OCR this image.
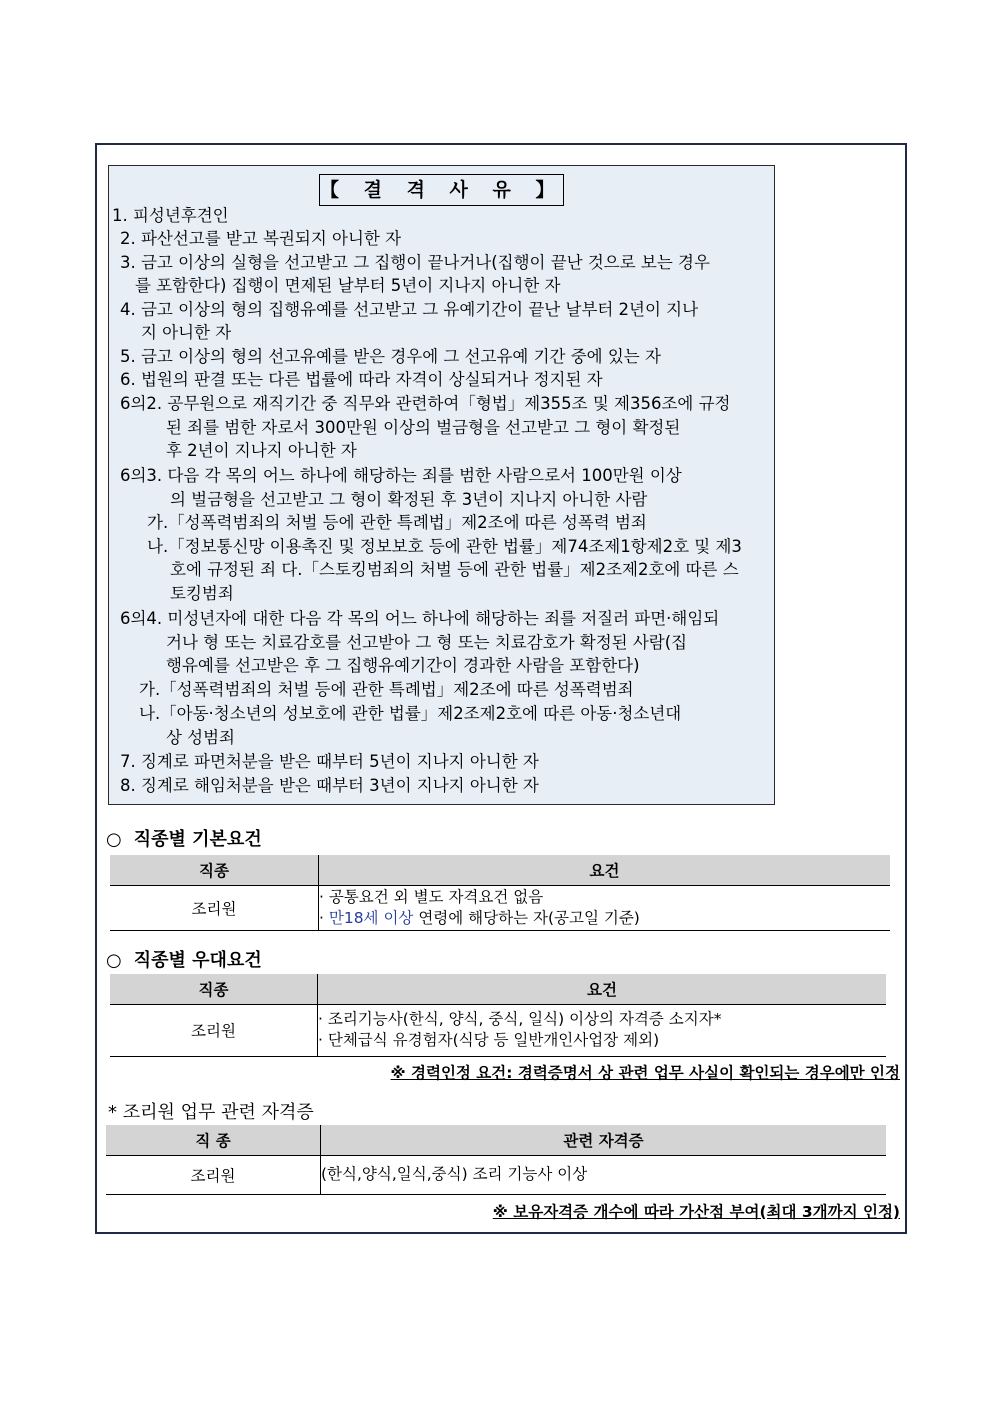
【 결 격 사 유 】
1. 피성년후견인
2. 파산선고를 받고 복권되지 아니한 자
3. 금고 이상의 실형을 선고받고 그 집행이 끝나거나(집행이 끝난 것으로 보는 경우
를 포함한다) 집행이 면제된 날부터 5년이 지나지 아니한 자
4. 금고 이상의 형의 집행유예를 선고받고 그 유예기간이 끝난 날부터 2년이 지나
지 아니한 자
5. 금고 이상의 형의 선고유예를 받은 경우에 그 선고유예 기간 중에 있는 자
6. 법원의 판결 또는 다른 법률에 따라 자격이 상실되거나 정지된 자
6의2. 공무원으로 재직기간 중 직무와 관련하여「형법」제355조 및 제356조에 규정
된 죄를 범한 자로서 300만원 이상의 벌금형을 선고받고 그 형이 확정된
후 2년이 지나지 아니한 자
6의3. 다음 각 목의 어느 하나에 해당하는 죄를 범한 사람으로서 100만원 이상
의 벌금형을 선고받고 그 형이 확정된 후 3년이 지나지 아니한 사람
가.「성폭력범죄의 처벌 등에 관한 특례법」제2조에 따른 성폭력 범죄
나.「정보통신망 이용촉진 및 정보보호 등에 관한 법률」제74조제1항제2호 및 제3
호에 규정된 죄 다.「스토킹범죄의 처벌 등에 관한 법률」제2조제2호에 따른 스
토킹범죄
6의4. 미성년자에 대한 다음 각 목의 어느 하나에 해당하는 죄를 저질러 파면·해임되
거나 형 또는 치료감호를 선고받아 그 형 또는 치료감호가 확정된 사람(집
행유예를 선고받은 후 그 집행유예기간이 경과한 사람을 포함한다)
가.「성폭력범죄의 처벌 등에 관한 특례법」제2조에 따른 성폭력범죄
나.「아동·청소년의 성보호에 관한 법률」제2조제2호에 따른 아동·청소년대
상 성범죄
7. 징계로 파면처분을 받은 때부터 5년이 지나지 아니한 자
8. 징계로 해임처분을 받은 때부터 3년이 지나지 아니한 자
○ 직종별 기본요건
직종	요건
조리원	· 공통요건 외 별도 자격요건 없음
· 만18세 이상 연령에 해당하는 자(공고일 기준)
○ 직종별 우대요건
직종	요건
조리원	· 조리기능사(한식, 양식, 중식, 일식) 이상의 자격증 소지자*
· 단체급식 유경험자(식당 등 일반개인사업장 제외)
※ 경력인정 요건: 경력증명서 상 관련 업무 사실이 확인되는 경우에만 인정
* 조리원 업무 관련 자격증
직 종	관련 자격증
조리원	(한식,양식,일식,중식) 조리 기능사 이상
※ 보유자격증 개수에 따라 가산점 부여(최대 3개까지 인정)
